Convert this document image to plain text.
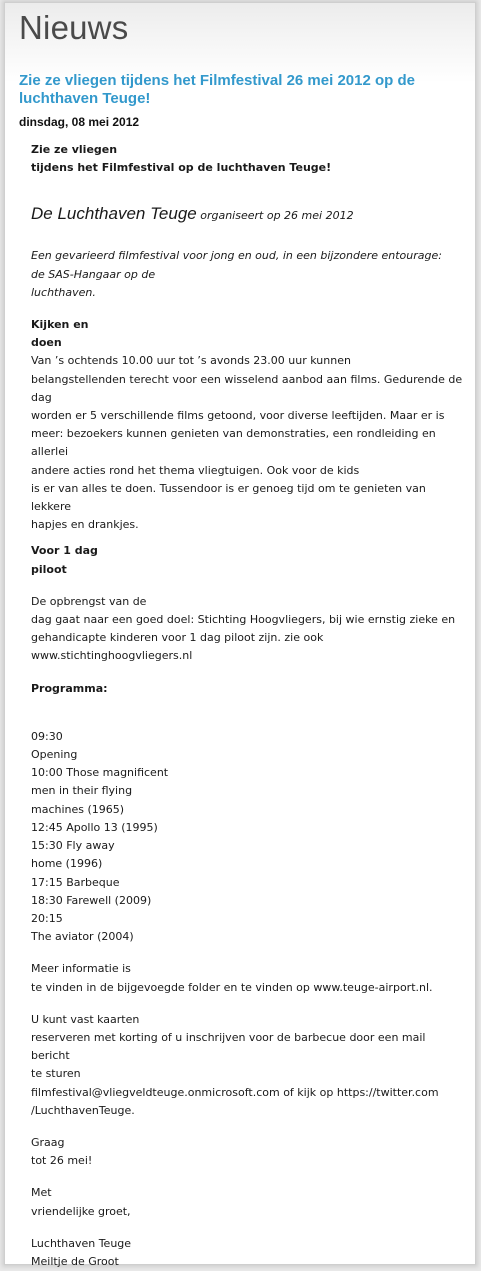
Nieuws
Zie ze vliegen tijdens het Filmfestival 26 mei 2012 op de luchthaven Teuge!
dinsdag, 08 mei 2012

Zie ze vliegen

tijdens het Filmfestival op de luchthaven Teuge!

De Luchthaven Teuge organiseert op 26 mei 2012

Een gevarieerd filmfestival voor jong en oud, in een bijzondere entourage:

de SAS-Hangaar op de

luchthaven.

Kijken en

doen

Van ’s ochtends 10.00 uur tot ’s avonds 23.00 uur kunnen

belangstellenden terecht voor een wisselend aanbod aan films. Gedurende de

dag

worden er 5 verschillende films getoond, voor diverse leeftijden. Maar er is

meer: bezoekers kunnen genieten van demonstraties, een rondleiding en allerlei

andere acties rond het thema vliegtuigen. Ook voor de kids

is er van alles te doen. Tussendoor is er genoeg tijd om te genieten van lekkere

hapjes en drankjes.

Voor 1 dag

piloot

De opbrengst van de

dag gaat naar een goed doel: Stichting Hoogvliegers, bij wie ernstig zieke en

gehandicapte kinderen voor 1 dag piloot zijn. zie ook

www.stichtinghoogvliegers.nl

Programma:

09:30

Opening

10:00 Those magnificent

men in their flying

machines (1965)

12:45 Apollo 13 (1995)

15:30 Fly away

home (1996)

17:15 Barbeque

18:30 Farewell (2009)

20:15

The aviator (2004)

Meer informatie is

te vinden in de bijgevoegde folder en te vinden op www.teuge-airport.nl.

U kunt vast kaarten

reserveren met korting of u inschrijven voor de barbecue door een mail bericht

te sturen

filmfestival@vliegveldteuge.onmicrosoft.com of kijk op https://twitter.com

/LuchthavenTeuge.

Graag

tot 26 mei!

Met

vriendelijke groet,

Luchthaven Teuge

Meiltje de Groot
